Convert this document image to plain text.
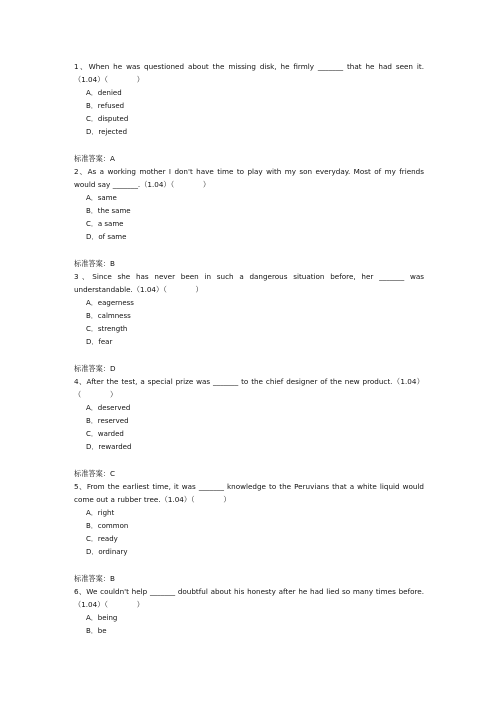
1、When he was questioned about the missing disk, he firmly _______ that he had seen it.（1.04）（　　　　）
A．denied
B．refused
C．disputed
D．rejected
标准答案：A
2、As a working mother I don't have time to play with my son everyday. Most of my friends would say _______.（1.04）（　　　　）
A．same
B．the same
C．a same
D．of same
标准答案：B
3、Since she has never been in such a dangerous situation before, her _______ was understandable.（1.04）（　　　　）
A．eagerness
B．calmness
C．strength
D．fear
标准答案：D
4、After the test, a special prize was _______ to the chief designer of the new product.（1.04）（　　　　）
A．deserved
B．reserved
C．warded
D．rewarded
标准答案：C
5、From the earliest time, it was _______ knowledge to the Peruvians that a white liquid would come out a rubber tree.（1.04）（　　　　）
A．right
B．common
C．ready
D．ordinary
标准答案：B
6、We couldn't help _______ doubtful about his honesty after he had lied so many times before.（1.04）（　　　　）
A．being
B．be
